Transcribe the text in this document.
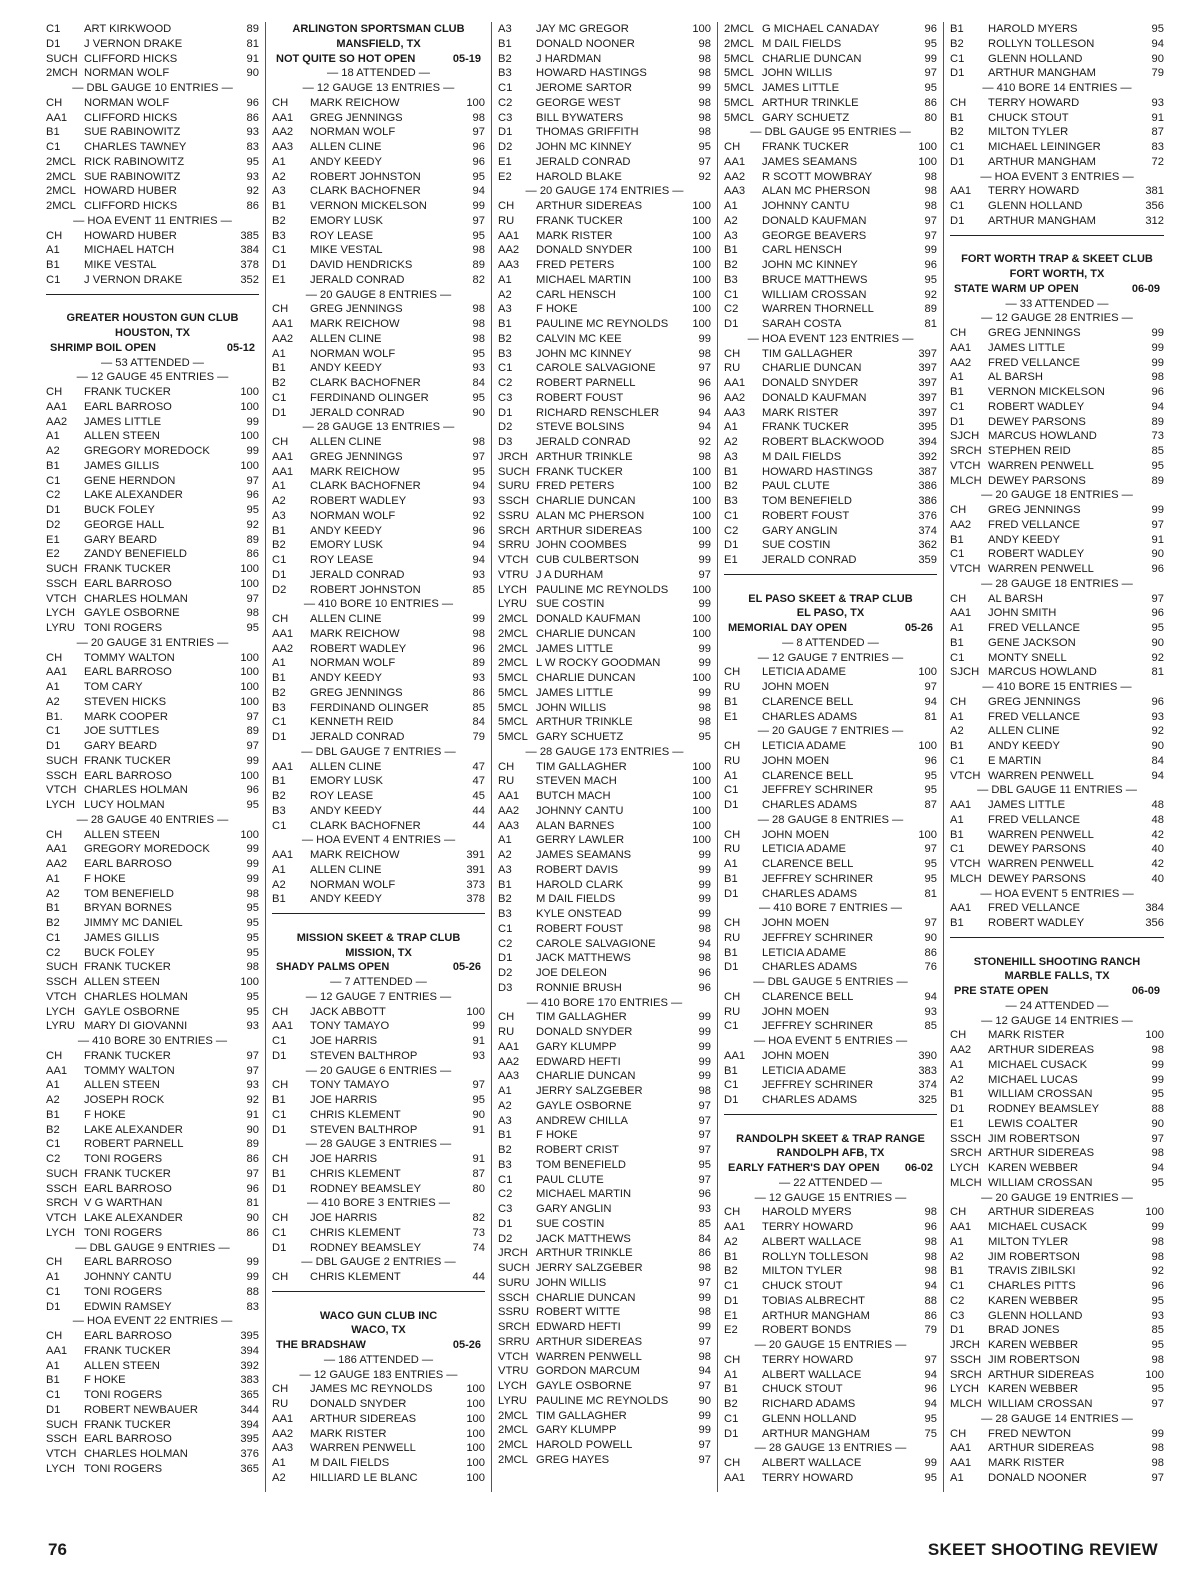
C1	ART KIRKWOOD	89
D1	J VERNON DRAKE	81
SUCH CLIFFORD HICKS	91
2MCH NORMAN WOLF	90
— DBL GAUGE 10 ENTRIES —
CH	NORMAN WOLF	96
AA1	CLIFFORD HICKS	86
B1	SUE RABINOWITZ	93
C1	CHARLES TAWNEY	83
2MCL RICK RABINOWITZ	95
2MCL SUE RABINOWITZ	93
2MCL HOWARD HUBER	92
2MCL CLIFFORD HICKS	86
— HOA EVENT 11 ENTRIES —
CH	HOWARD HUBER	385
A1	MICHAEL HATCH	384
B1	MIKE VESTAL	378
C1	J VERNON DRAKE	352
GREATER HOUSTON GUN CLUB
HOUSTON, TX
SHRIMP BOIL OPEN	05-12
— 53 ATTENDED —
— 12 GAUGE 45 ENTRIES —
CH	FRANK TUCKER	100
AA1	EARL BARROSO	100
AA2	JAMES LITTLE	99
A1	ALLEN STEEN	100
A2	GREGORY MOREDOCK	99
B1	JAMES GILLIS	100
C1	GENE HERNDON	97
C2	LAKE ALEXANDER	96
D1	BUCK FOLEY	95
D2	GEORGE HALL	92
E1	GARY BEARD	89
E2	ZANDY BENEFIELD	86
SUCH FRANK TUCKER	100
SSCH EARL BARROSO	100
VTCH CHARLES HOLMAN	97
LYCH GAYLE OSBORNE	98
LYRU TONI ROGERS	95
— 20 GAUGE 31 ENTRIES —
CH	TOMMY WALTON	100
AA1	EARL BARROSO	100
A1	TOM CARY	100
A2	STEVEN HICKS	100
B1.	MARK COOPER	97
C1	JOE SUTTLES	89
D1	GARY BEARD	97
SUCH FRANK TUCKER	99
SSCH EARL BARROSO	100
VTCH CHARLES HOLMAN	96
LYCH LUCY HOLMAN	95
— 28 GAUGE 40 ENTRIES —
CH	ALLEN STEEN	100
AA1	GREGORY MOREDOCK	99
AA2	EARL BARROSO	99
A1	F HOKE	99
A2	TOM BENEFIELD	98
B1	BRYAN BORNES	95
B2	JIMMY MC DANIEL	95
C1	JAMES GILLIS	95
C2	BUCK FOLEY	95
SUCH FRANK TUCKER	98
SSCH ALLEN STEEN	100
VTCH CHARLES HOLMAN	95
LYCH GAYLE OSBORNE	95
LYRU MARY DI GIOVANNI	93
— 410 BORE 30 ENTRIES —
CH	FRANK TUCKER	97
AA1	TOMMY WALTON	97
A1	ALLEN STEEN	93
A2	JOSEPH ROCK	92
B1	F HOKE	91
B2	LAKE ALEXANDER	90
C1	ROBERT PARNELL	89
C2	TONI ROGERS	86
SUCH FRANK TUCKER	97
SSCH EARL BARROSO	96
SRCH V G WARTHAN	81
VTCH LAKE ALEXANDER	90
LYCH TONI ROGERS	86
— DBL GAUGE 9 ENTRIES —
CH	EARL BARROSO	99
A1	JOHNNY CANTU	99
C1	TONI ROGERS	88
D1	EDWIN RAMSEY	83
— HOA EVENT 22 ENTRIES —
CH	EARL BARROSO	395
AA1	FRANK TUCKER	394
A1	ALLEN STEEN	392
B1	F HOKE	383
C1	TONI ROGERS	365
D1	ROBERT NEWBAUER	344
SUCH FRANK TUCKER	394
SSCH EARL BARROSO	395
VTCH CHARLES HOLMAN	376
LYCH TONI ROGERS	365
ARLINGTON SPORTSMAN CLUB
MANSFIELD, TX
NOT QUITE SO HOT OPEN	05-19
— 18 ATTENDED —
— 12 GAUGE 13 ENTRIES —
CH	MARK REICHOW	100
AA1	GREG JENNINGS	98
AA2	NORMAN WOLF	97
AA3	ALLEN CLINE	96
A1	ANDY KEEDY	96
A2	ROBERT JOHNSTON	95
A3	CLARK BACHOFNER	94
B1	VERNON MICKELSON	99
B2	EMORY LUSK	97
B3	ROY LEASE	95
C1	MIKE VESTAL	98
D1	DAVID HENDRICKS	89
E1	JERALD CONRAD	82
— 20 GAUGE 8 ENTRIES —
CH	GREG JENNINGS	98
AA1	MARK REICHOW	98
AA2	ALLEN CLINE	98
A1	NORMAN WOLF	95
B1	ANDY KEEDY	93
B2	CLARK BACHOFNER	84
C1	FERDINAND OLINGER	95
D1	JERALD CONRAD	90
— 28 GAUGE 13 ENTRIES —
CH	ALLEN CLINE	98
AA1	GREG JENNINGS	97
AA1	MARK REICHOW	95
A1	CLARK BACHOFNER	94
A2	ROBERT WADLEY	93
A3	NORMAN WOLF	92
B1	ANDY KEEDY	96
B2	EMORY LUSK	94
C1	ROY LEASE	94
D1	JERALD CONRAD	93
D2	ROBERT JOHNSTON	85
— 410 BORE 10 ENTRIES —
CH	ALLEN CLINE	99
AA1	MARK REICHOW	98
AA2	ROBERT WADLEY	96
A1	NORMAN WOLF	89
B1	ANDY KEEDY	93
B2	GREG JENNINGS	86
B3	FERDINAND OLINGER	85
C1	KENNETH REID	84
D1	JERALD CONRAD	79
— DBL GAUGE 7 ENTRIES —
AA1	ALLEN CLINE	47
B1	EMORY LUSK	47
B2	ROY LEASE	45
B3	ANDY KEEDY	44
C1	CLARK BACHOFNER	44
— HOA EVENT 4 ENTRIES —
AA1	MARK REICHOW	391
A1	ALLEN CLINE	391
A2	NORMAN WOLF	373
B1	ANDY KEEDY	378
MISSION SKEET & TRAP CLUB
MISSION, TX
SHADY PALMS OPEN	05-26
— 7 ATTENDED —
— 12 GAUGE 7 ENTRIES —
CH	JACK ABBOTT	100
AA1	TONY TAMAYO	99
C1	JOE HARRIS	91
D1	STEVEN BALTHROP	93
— 20 GAUGE 6 ENTRIES —
CH	TONY TAMAYO	97
B1	JOE HARRIS	95
C1	CHRIS KLEMENT	90
D1	STEVEN BALTHROP	91
— 28 GAUGE 3 ENTRIES —
CH	JOE HARRIS	91
B1	CHRIS KLEMENT	87
D1	RODNEY BEAMSLEY	80
— 410 BORE 3 ENTRIES —
CH	JOE HARRIS	82
C1	CHRIS KLEMENT	73
D1	RODNEY BEAMSLEY	74
— DBL GAUGE 2 ENTRIES —
CH	CHRIS KLEMENT	44
WACO GUN CLUB INC
WACO, TX
THE BRADSHAW	05-26
— 186 ATTENDED —
— 12 GAUGE 183 ENTRIES —
CH	JAMES MC REYNOLDS	100
RU	DONALD SNYDER	100
AA1	ARTHUR SIDEREAS	100
AA2	MARK RISTER	100
AA3	WARREN PENWELL	100
A1	M DAIL FIELDS	100
A2	HILLIARD LE BLANC	100
A3	JAY MC GREGOR	100
B1	DONALD NOONER	98
B2	J HARDMAN	98
B3	HOWARD HASTINGS	98
C1	JEROME SARTOR	99
C2	GEORGE WEST	98
C3	BILL BYWATERS	98
D1	THOMAS GRIFFITH	98
D2	JOHN MC KINNEY	95
E1	JERALD CONRAD	97
E2	HAROLD BLAKE	92
— 20 GAUGE 174 ENTRIES —
CH	ARTHUR SIDEREAS	100
RU	FRANK TUCKER	100
AA1	MARK RISTER	100
AA2	DONALD SNYDER	100
AA3	FRED PETERS	100
A1	MICHAEL MARTIN	100
A2	CARL HENSCH	100
A3	F HOKE	100
B1	PAULINE MC REYNOLDS	100
B2	CALVIN MC KEE	99
B3	JOHN MC KINNEY	98
C1	CAROLE SALVAGIONE	97
C2	ROBERT PARNELL	96
C3	ROBERT FOUST	96
D1	RICHARD RENSCHLER	94
D2	STEVE BOLSINS	94
D3	JERALD CONRAD	92
JRCH ARTHUR TRINKLE	98
SUCH FRANK TUCKER	100
SURU FRED PETERS	100
SSCH CHARLIE DUNCAN	100
SSRU ALAN MC PHERSON	100
SRCH ARTHUR SIDEREAS	100
SRRU JOHN COOMBES	99
VTCH CUB CULBERTSON	99
VTRU J A DURHAM	97
LYCH PAULINE MC REYNOLDS	100
LYRU SUE COSTIN	99
2MCL DONALD KAUFMAN	100
2MCL CHARLIE DUNCAN	100
2MCL JAMES LITTLE	99
2MCL L W ROCKY GOODMAN	99
5MCL CHARLIE DUNCAN	100
5MCL JAMES LITTLE	99
5MCL JOHN WILLIS	98
5MCL ARTHUR TRINKLE	98
5MCL GARY SCHUETZ	95
— 28 GAUGE 173 ENTRIES —
CH	TIM GALLAGHER	100
RU	STEVEN MACH	100
AA1	BUTCH MACH	100
AA2	JOHNNY CANTU	100
AA3	ALAN BARNES	100
A1	GERRY LAWLER	100
A2	JAMES SEAMANS	99
A3	ROBERT DAVIS	99
B1	HAROLD CLARK	99
B2	M DAIL FIELDS	99
B3	KYLE ONSTEAD	99
C1	ROBERT FOUST	98
C2	CAROLE SALVAGIONE	94
D1	JACK MATTHEWS	98
D2	JOE DELEON	96
D3	RONNIE BRUSH	96
— 410 BORE 170 ENTRIES —
CH	TIM GALLAGHER	99
RU	DONALD SNYDER	99
AA1	GARY KLUMPP	99
AA2	EDWARD HEFTI	99
AA3	CHARLIE DUNCAN	99
A1	JERRY SALZGEBER	98
A2	GAYLE OSBORNE	97
A3	ANDREW CHILLA	97
B1	F HOKE	97
B2	ROBERT CRIST	97
B3	TOM BENEFIELD	95
C1	PAUL CLUTE	97
C2	MICHAEL MARTIN	96
C3	GARY ANGLIN	93
D1	SUE COSTIN	85
D2	JACK MATTHEWS	84
JRCH ARTHUR TRINKLE	86
SUCH JERRY SALZGEBER	98
SURU JOHN WILLIS	97
SSCH CHARLIE DUNCAN	99
SSRU ROBERT WITTE	98
SRCH EDWARD HEFTI	99
SRRU ARTHUR SIDEREAS	97
VTCH WARREN PENWELL	98
VTRU GORDON MARCUM	94
LYCH GAYLE OSBORNE	97
LYRU PAULINE MC REYNOLDS	90
2MCL TIM GALLAGHER	99
2MCL GARY KLUMPP	99
2MCL HAROLD POWELL	97
2MCL GREG HAYES	97
2MCL G MICHAEL CANADAY	96
2MCL M DAIL FIELDS	95
5MCL CHARLIE DUNCAN	99
5MCL JOHN WILLIS	97
5MCL JAMES LITTLE	95
5MCL ARTHUR TRINKLE	86
5MCL GARY SCHUETZ	80
— DBL GAUGE 95 ENTRIES —
CH	FRANK TUCKER	100
AA1	JAMES SEAMANS	100
AA2	R SCOTT MOWBRAY	98
AA3	ALAN MC PHERSON	98
A1	JOHNNY CANTU	98
A2	DONALD KAUFMAN	97
A3	GEORGE BEAVERS	97
B1	CARL HENSCH	99
B2	JOHN MC KINNEY	96
B3	BRUCE MATTHEWS	95
C1	WILLIAM CROSSAN	92
C2	WARREN THORNELL	89
D1	SARAH COSTA	81
— HOA EVENT 123 ENTRIES —
CH	TIM GALLAGHER	397
RU	CHARLIE DUNCAN	397
AA1	DONALD SNYDER	397
AA2	DONALD KAUFMAN	397
AA3	MARK RISTER	397
A1	FRANK TUCKER	395
A2	ROBERT BLACKWOOD	394
A3	M DAIL FIELDS	392
B1	HOWARD HASTINGS	387
B2	PAUL CLUTE	386
B3	TOM BENEFIELD	386
C1	ROBERT FOUST	376
C2	GARY ANGLIN	374
D1	SUE COSTIN	362
E1	JERALD CONRAD	359
EL PASO SKEET & TRAP CLUB
EL PASO, TX
MEMORIAL DAY OPEN	05-26
— 8 ATTENDED —
— 12 GAUGE 7 ENTRIES —
CH	LETICIA ADAME	100
RU	JOHN MOEN	97
B1	CLARENCE BELL	94
E1	CHARLES ADAMS	81
— 20 GAUGE 7 ENTRIES —
CH	LETICIA ADAME	100
RU	JOHN MOEN	96
A1	CLARENCE BELL	95
C1	JEFFREY SCHRINER	95
D1	CHARLES ADAMS	87
— 28 GAUGE 8 ENTRIES —
CH	JOHN MOEN	100
RU	LETICIA ADAME	97
A1	CLARENCE BELL	95
B1	JEFFREY SCHRINER	95
D1	CHARLES ADAMS	81
— 410 BORE 7 ENTRIES —
CH	JOHN MOEN	97
RU	JEFFREY SCHRINER	90
B1	LETICIA ADAME	86
D1	CHARLES ADAMS	76
— DBL GAUGE 5 ENTRIES —
CH	CLARENCE BELL	94
RU	JOHN MOEN	93
C1	JEFFREY SCHRINER	85
— HOA EVENT 5 ENTRIES —
AA1	JOHN MOEN	390
B1	LETICIA ADAME	383
C1	JEFFREY SCHRINER	374
D1	CHARLES ADAMS	325
RANDOLPH SKEET & TRAP RANGE
RANDOLPH AFB, TX
EARLY FATHER'S DAY OPEN 06-02
— 22 ATTENDED —
— 12 GAUGE 15 ENTRIES —
CH	HAROLD MYERS	98
AA1	TERRY HOWARD	96
A2	ALBERT WALLACE	98
B1	ROLLYN TOLLESON	98
B2	MILTON TYLER	98
C1	CHUCK STOUT	94
D1	TOBIAS ALBRECHT	88
E1	ARTHUR MANGHAM	86
E2	ROBERT BONDS	79
— 20 GAUGE 15 ENTRIES —
CH	TERRY HOWARD	97
A1	ALBERT WALLACE	94
B1	CHUCK STOUT	96
B2	RICHARD ADAMS	94
C1	GLENN HOLLAND	95
D1	ARTHUR MANGHAM	75
— 28 GAUGE 13 ENTRIES —
CH	ALBERT WALLACE	99
AA1	TERRY HOWARD	95
B1	HAROLD MYERS	95
B2	ROLLYN TOLLESON	94
C1	GLENN HOLLAND	90
D1	ARTHUR MANGHAM	79
— 410 BORE 14 ENTRIES —
CH	TERRY HOWARD	93
B1	CHUCK STOUT	91
B2	MILTON TYLER	87
C1	MICHAEL LEININGER	83
D1	ARTHUR MANGHAM	72
— HOA EVENT 3 ENTRIES —
AA1	TERRY HOWARD	381
C1	GLENN HOLLAND	356
D1	ARTHUR MANGHAM	312
FORT WORTH TRAP & SKEET CLUB
FORT WORTH, TX
STATE WARM UP OPEN	06-09
— 33 ATTENDED —
— 12 GAUGE 28 ENTRIES —
CH	GREG JENNINGS	99
AA1	JAMES LITTLE	99
AA2	FRED VELLANCE	99
A1	AL BARSH	98
B1	VERNON MICKELSON	96
C1	ROBERT WADLEY	94
D1	DEWEY PARSONS	89
SJCH MARCUS HOWLAND	73
SRCH STEPHEN REID	85
VTCH WARREN PENWELL	95
MLCH DEWEY PARSONS	89
— 20 GAUGE 18 ENTRIES —
CH	GREG JENNINGS	99
AA2	FRED VELLANCE	97
B1	ANDY KEEDY	91
C1	ROBERT WADLEY	90
VTCH WARREN PENWELL	96
— 28 GAUGE 18 ENTRIES —
CH	AL BARSH	97
AA1	JOHN SMITH	96
A1	FRED VELLANCE	95
B1	GENE JACKSON	90
C1	MONTY SNELL	92
SJCH MARCUS HOWLAND	81
— 410 BORE 15 ENTRIES —
CH	GREG JENNINGS	96
A1	FRED VELLANCE	93
A2	ALLEN CLINE	92
B1	ANDY KEEDY	90
C1	E MARTIN	84
VTCH WARREN PENWELL	94
— DBL GAUGE 11 ENTRIES —
AA1	JAMES LITTLE	48
A1	FRED VELLANCE	48
B1	WARREN PENWELL	42
C1	DEWEY PARSONS	40
VTCH WARREN PENWELL	42
MLCH DEWEY PARSONS	40
— HOA EVENT 5 ENTRIES —
AA1	FRED VELLANCE	384
B1	ROBERT WADLEY	356
STONEHILL SHOOTING RANCH
MARBLE FALLS, TX
PRE STATE OPEN	06-09
— 24 ATTENDED —
— 12 GAUGE 14 ENTRIES —
CH	MARK RISTER	100
AA2	ARTHUR SIDEREAS	98
A1	MICHAEL CUSACK	99
A2	MICHAEL LUCAS	99
B1	WILLIAM CROSSAN	95
D1	RODNEY BEAMSLEY	88
E1	LEWIS COALTER	90
SSCH JIM ROBERTSON	97
SRCH ARTHUR SIDEREAS	98
LYCH KAREN WEBBER	94
MLCH WILLIAM CROSSAN	95
— 20 GAUGE 19 ENTRIES —
CH	ARTHUR SIDEREAS	100
AA1	MICHAEL CUSACK	99
A1	MILTON TYLER	98
A2	JIM ROBERTSON	98
B1	TRAVIS ZIBILSKI	92
C1	CHARLES PITTS	96
C2	KAREN WEBBER	95
C3	GLENN HOLLAND	93
D1	BRAD JONES	85
JRCH KAREN WEBBER	95
SSCH JIM ROBERTSON	98
SRCH ARTHUR SIDEREAS	100
LYCH KAREN WEBBER	95
MLCH WILLIAM CROSSAN	97
— 28 GAUGE 14 ENTRIES —
CH	FRED NEWTON	99
AA1	ARTHUR SIDEREAS	98
AA1	MARK RISTER	98
A1	DONALD NOONER	97
76	SKEET SHOOTING REVIEW
